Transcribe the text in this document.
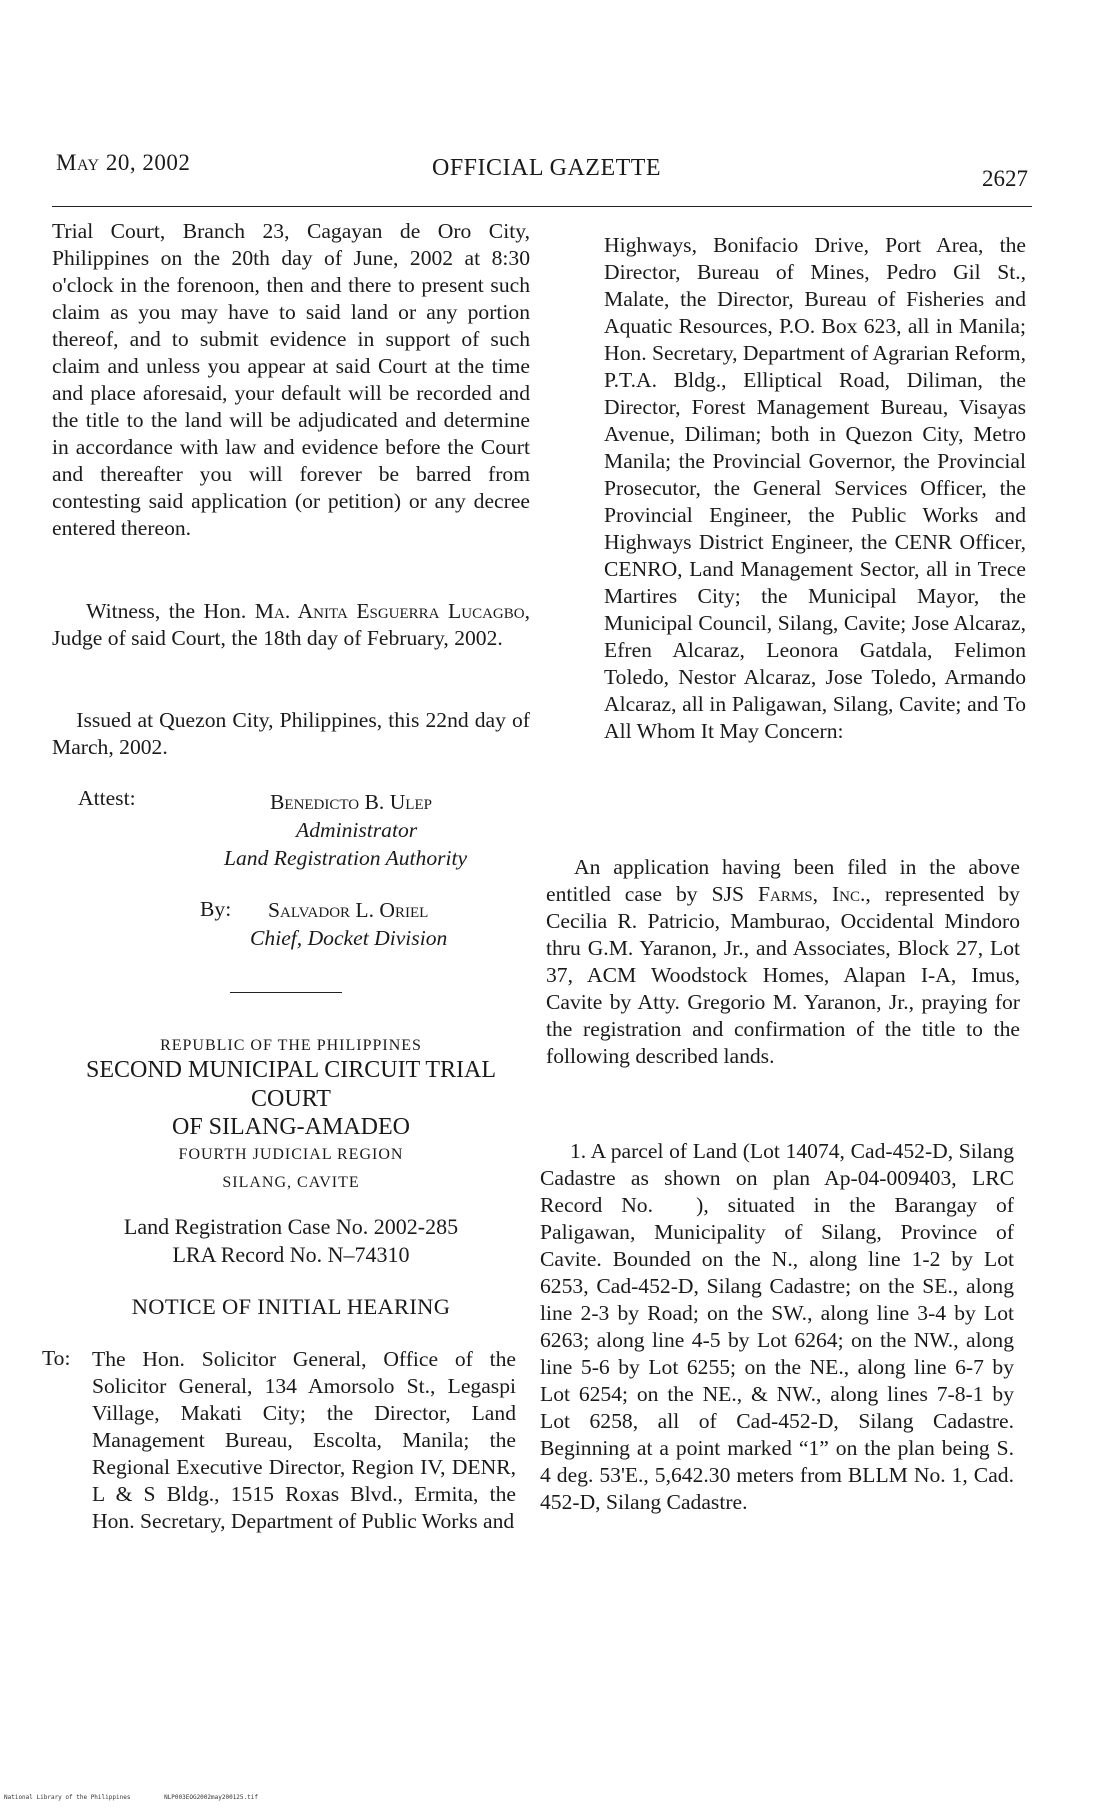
May 20, 2002	OFFICIAL GAZETTE	2627

Trial Court, Branch 23, Cagayan de Oro City, Philippines on the 20th day of June, 2002 at 8:30 o'clock in the forenoon, then and there to present such claim as you may have to said land or any portion thereof, and to submit evidence in support of such claim and unless you appear at said Court at the time and place aforesaid, your default will be recorded and the title to the land will be adjudicated and determine in accordance with law and evidence before the Court and thereafter you will forever be barred from contesting said application (or petition) or any decree entered thereon.

Witness, the Hon. Ma. Anita Esguerra Lucagbo, Judge of said Court, the 18th day of February, 2002.

Issued at Quezon City, Philippines, this 22nd day of March, 2002.

Attest:	Benedicto B. Ulep
Administrator
Land Registration Authority
By: Salvador L. Oriel
Chief, Docket Division
REPUBLIC OF THE PHILIPPINES
SECOND MUNICIPAL CIRCUIT TRIAL
COURT
OF SILANG-AMADEO
FOURTH JUDICIAL REGION
SILANG, CAVITE
Land Registration Case No. 2002-285
LRA Record No. N–74310
NOTICE OF INITIAL HEARING
To: The Hon. Solicitor General, Office of the Solicitor General, 134 Amorsolo St., Legaspi Village, Makati City; the Director, Land Management Bureau, Escolta, Manila; the Regional Executive Director, Region IV, DENR, L & S Bldg., 1515 Roxas Blvd., Ermita, the Hon. Secretary, Department of Public Works and

Highways, Bonifacio Drive, Port Area, the Director, Bureau of Mines, Pedro Gil St., Malate, the Director, Bureau of Fisheries and Aquatic Resources, P.O. Box 623, all in Manila; Hon. Secretary, Department of Agrarian Reform, P.T.A. Bldg., Elliptical Road, Diliman, the Director, Forest Management Bureau, Visayas Avenue, Diliman; both in Quezon City, Metro Manila; the Provincial Governor, the Provincial Prosecutor, the General Services Officer, the Provincial Engineer, the Public Works and Highways District Engineer, the CENR Officer, CENRO, Land Management Sector, all in Trece Martires City; the Municipal Mayor, the Municipal Council, Silang, Cavite; Jose Alcaraz, Efren Alcaraz, Leonora Gatdala, Felimon Toledo, Nestor Alcaraz, Jose Toledo, Armando Alcaraz, all in Paligawan, Silang, Cavite; and To All Whom It May Concern:

An application having been filed in the above entitled case by SJS Farms, Inc., represented by Cecilia R. Patricio, Mamburao, Occidental Mindoro thru G.M. Yaranon, Jr., and Associates, Block 27, Lot 37, ACM Woodstock Homes, Alapan I-A, Imus, Cavite by Atty. Gregorio M. Yaranon, Jr., praying for the registration and confirmation of the title to the following described lands.

1. A parcel of Land (Lot 14074, Cad-452-D, Silang Cadastre as shown on plan Ap-04-009403, LRC Record No.  ), situated in the Barangay of Paligawan, Municipality of Silang, Province of Cavite. Bounded on the N., along line 1-2 by Lot 6253, Cad-452-D, Silang Cadastre; on the SE., along line 2-3 by Road; on the SW., along line 3-4 by Lot 6263; along line 4-5 by Lot 6264; on the NW., along line 5-6 by Lot 6255; on the NE., along line 6-7 by Lot 6254; on the NE., & NW., along lines 7-8-1 by Lot 6258, all of Cad-452-D, Silang Cadastre. Beginning at a point marked “1” on the plan being S. 4 deg. 53'E., 5,642.30 meters from BLLM No. 1, Cad. 452-D, Silang Cadastre.

National Library of the Philippines	NLP003EOG2002may200125.tif
